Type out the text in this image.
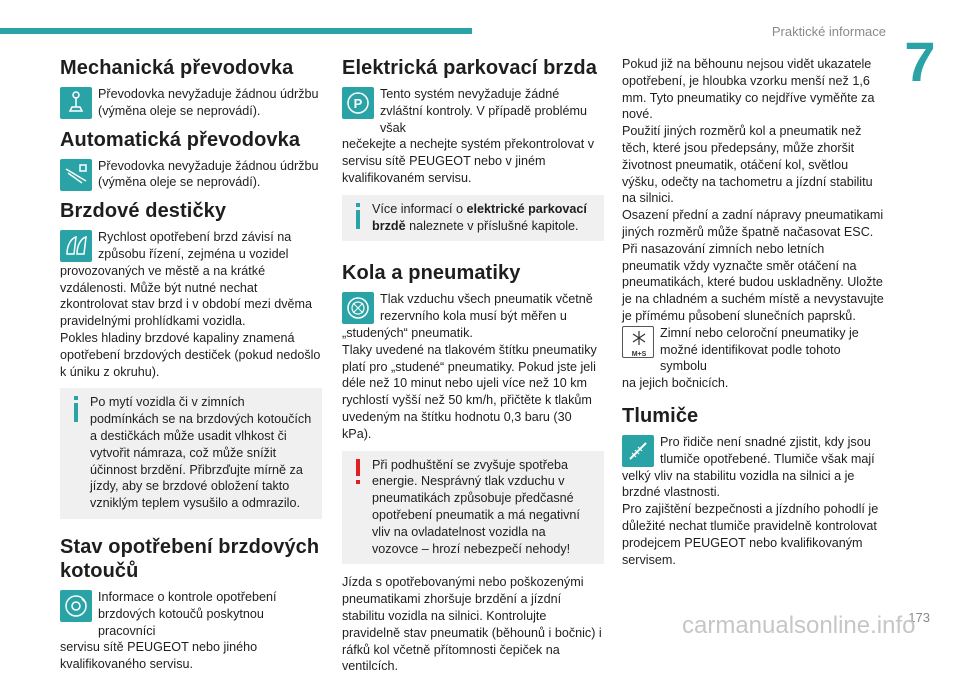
Praktické informace 7
Mechanická převodovka

Převodovka nevyžaduje žádnou údržbu (výměna oleje se neprovádí).

Automatická převodovka

Převodovka nevyžaduje žádnou údržbu (výměna oleje se neprovádí).

Brzdové destičky

Rychlost opotřebení brzd závisí na způsobu řízení, zejména u vozidel

provozovaných ve městě a na krátké vzdálenosti. Může být nutné nechat zkontrolovat stav brzd i v období mezi dvěma pravidelnými prohlídkami vozidla.

Pokles hladiny brzdové kapaliny znamená opotřebení brzdových destiček (pokud nedošlo k úniku z okruhu).

Po mytí vozidla či v zimních podmínkách se na brzdových kotoučích a destičkách může usadit vlhkost či vytvořit námraza, což může snížit účinnost brzdění. Přibrzďujte mírně za jízdy, aby se brzdové obložení takto vzniklým teplem vysušilo a odmrazilo.

Stav opotřebení brzdových kotoučů

Informace o kontrole opotřebení brzdových kotoučů poskytnou pracovníci

servisu sítě PEUGEOT nebo jiného kvalifikovaného servisu.

Elektrická parkovací brzda
P

Tento systém nevyžaduje žádné zvláštní kontroly. V případě problému však

nečekejte a nechejte systém překontrolovat v servisu sítě PEUGEOT nebo v jiném kvalifikovaném servisu.

Více informací o elektrické parkovací brzdě naleznete v příslušné kapitole.

Kola a pneumatiky

Tlak vzduchu všech pneumatik včetně rezervního kola musí být měřen u

„studených“ pneumatik.

Tlaky uvedené na tlakovém štítku pneumatiky platí pro „studené“ pneumatiky. Pokud jste jeli déle než 10 minut nebo ujeli více než 10 km rychlostí vyšší než 50 km/h, přičtěte k tlakům uvedeným na štítku hodnotu 0,3 baru (30 kPa).

Při podhuštění se zvyšuje spotřeba energie. Nesprávný tlak vzduchu v pneumatikách způsobuje předčasné opotřebení pneumatik a má negativní vliv na ovladatelnost vozidla na vozovce – hrozí nebezpečí nehody!

Jízda s opotřebovanými nebo poškozenými pneumatikami zhoršuje brzdění a jízdní stabilitu vozidla na silnici. Kontrolujte pravidelně stav pneumatik (běhounů i bočnic) i ráfků kol včetně přítomnosti čepiček na ventilcích.

Pokud již na běhounu nejsou vidět ukazatele opotřebení, je hloubka vzorku menší než 1,6 mm. Tyto pneumatiky co nejdříve vyměňte za nové.

Použití jiných rozměrů kol a pneumatik než těch, které jsou předepsány, může zhoršit životnost pneumatik, otáčení kol, světlou výšku, odečty na tachometru a jízdní stabilitu na silnici.

Osazení přední a zadní nápravy pneumatikami jiných rozměrů může špatně načasovat ESC.

Při nasazování zimních nebo letních pneumatik vždy vyznačte směr otáčení na pneumatikách, které budou uskladněny. Uložte je na chladném a suchém místě a nevystavujte je přímému působení slunečních paprsků.

M+S

Zimní nebo celoroční pneumatiky je možné identifikovat podle tohoto symbolu

na jejich bočnicích.

Tlumiče

Pro řidiče není snadné zjistit, kdy jsou tlumiče opotřebené. Tlumiče však mají

velký vliv na stabilitu vozidla na silnici a je brzdné vlastnosti.

Pro zajištění bezpečnosti a jízdního pohodlí je důležité nechat tlumiče pravidelně kontrolovat prodejcem PEUGEOT nebo kvalifikovaným servisem.

173
carmanualsonline.info
